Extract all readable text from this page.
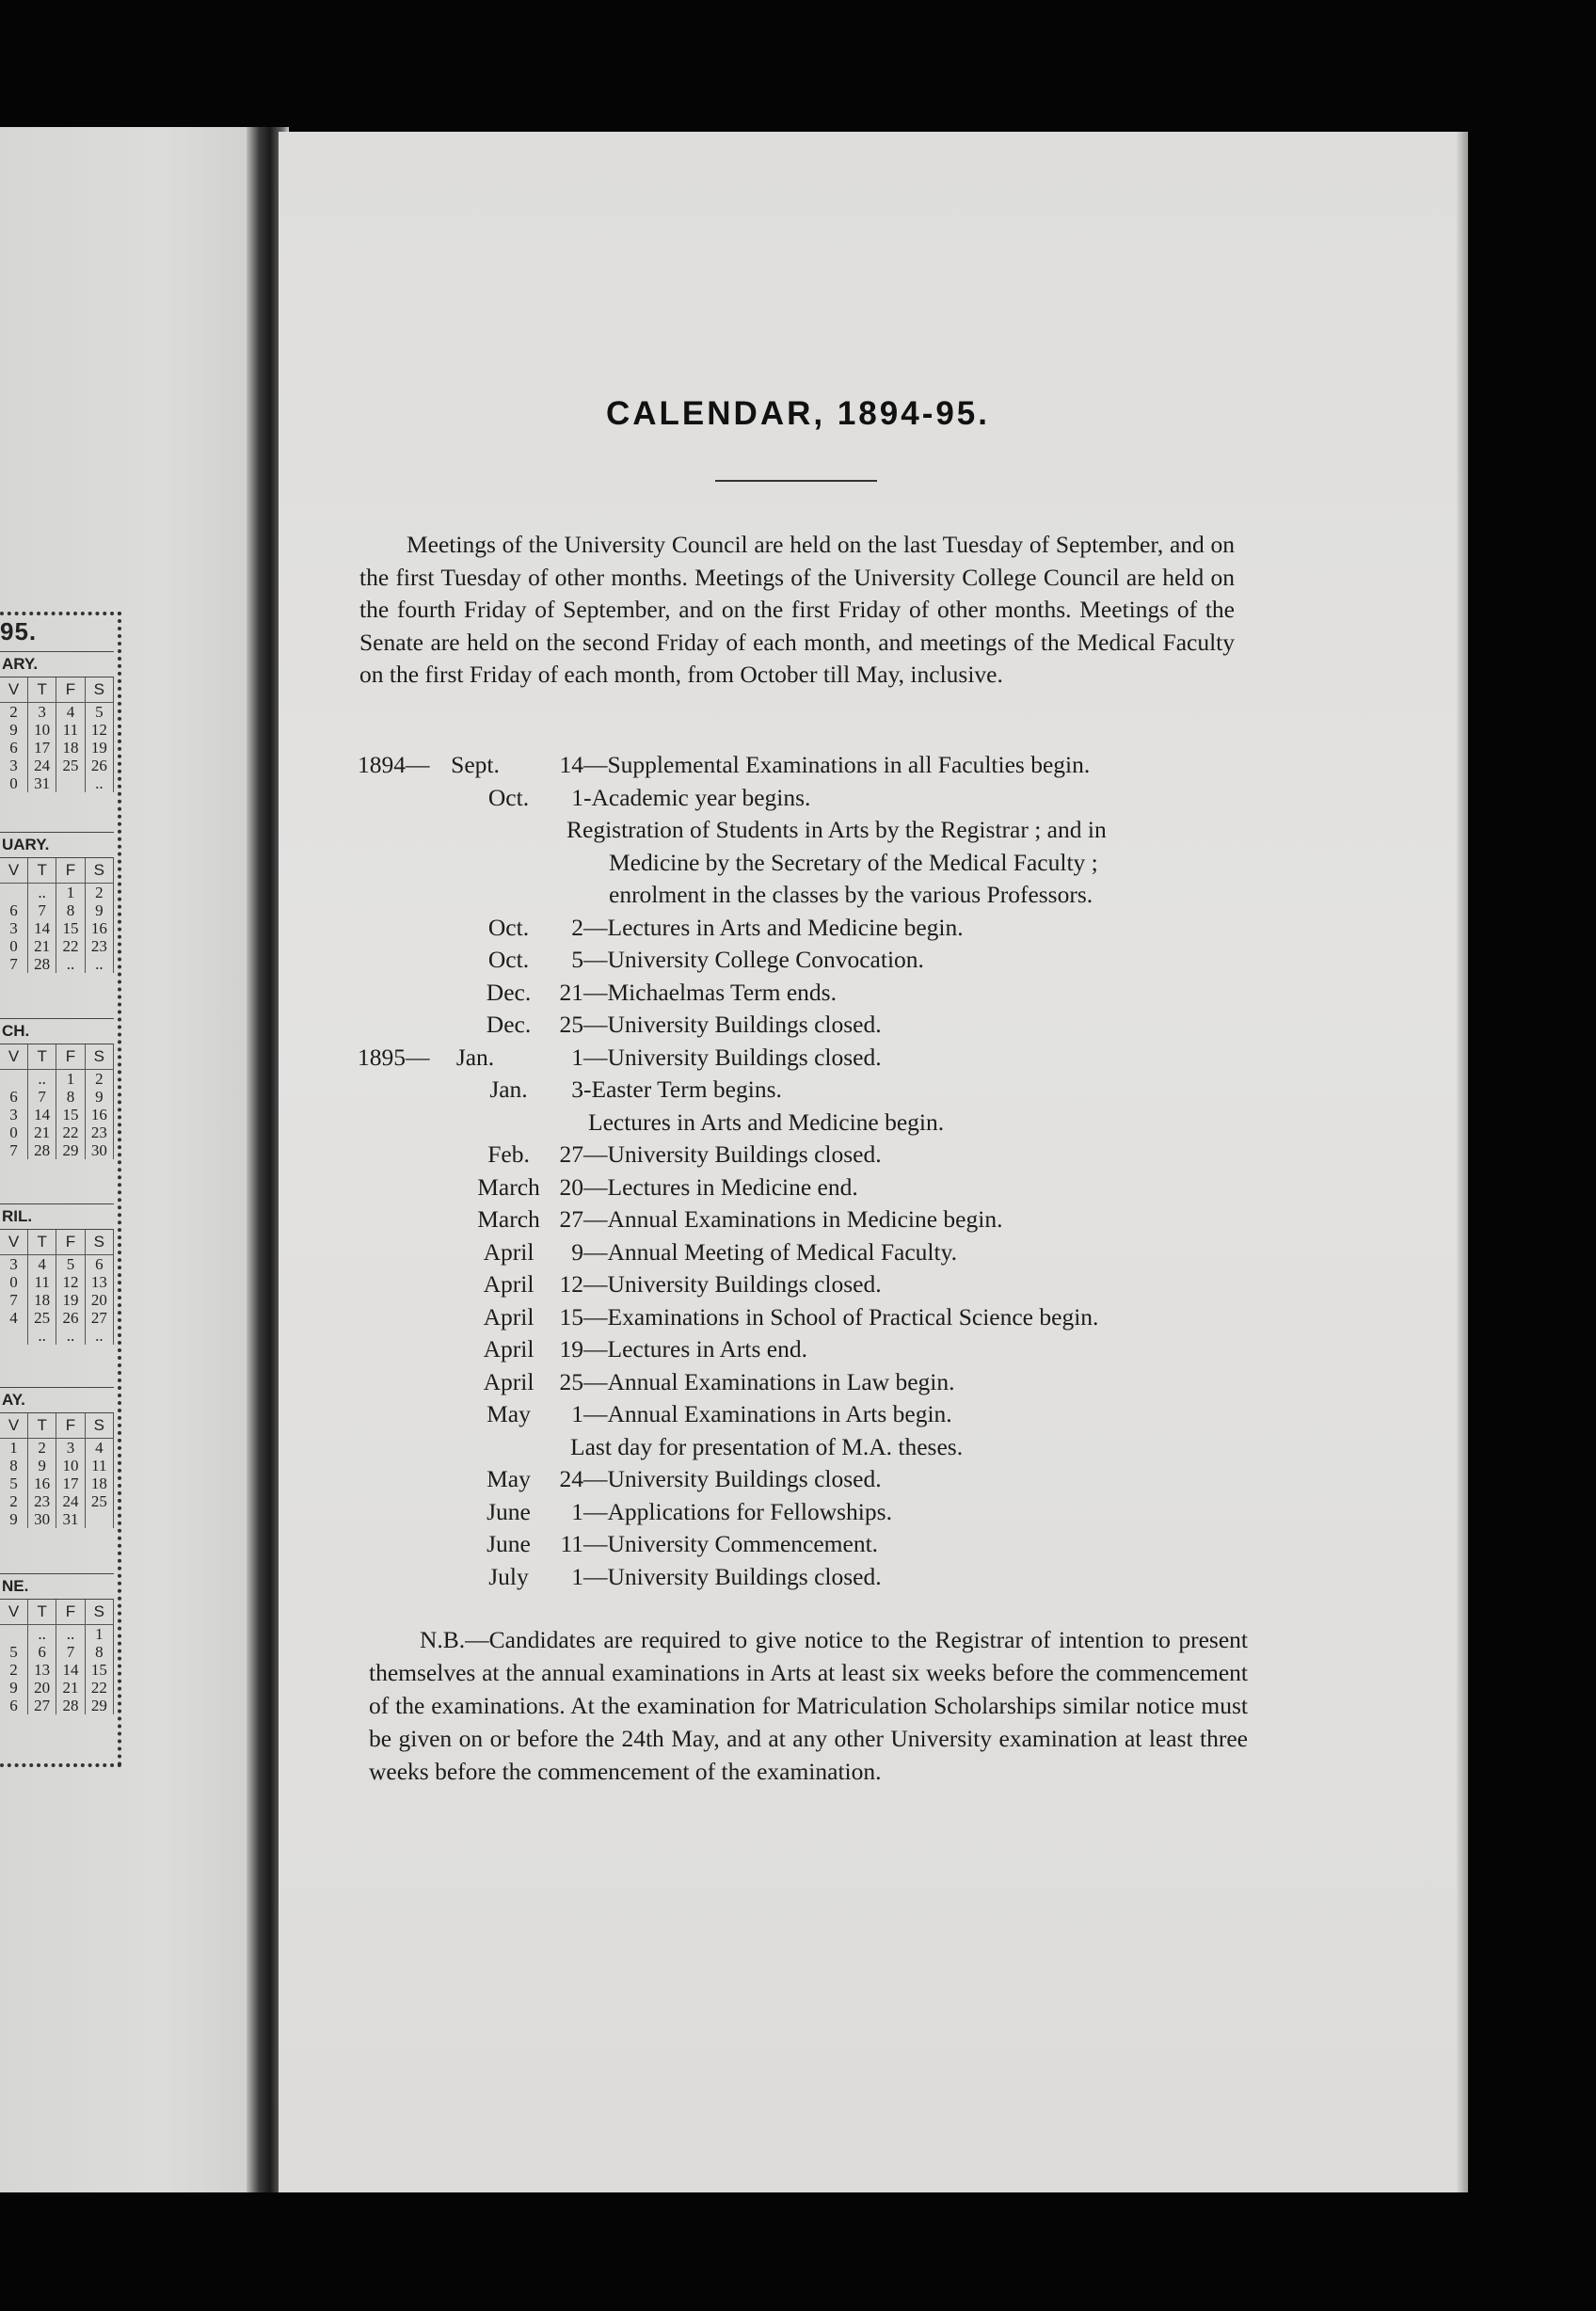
95.
ARY.
V	T	F	S
2	3	4	5
9	10	11	12
6	17	18	19
3	24	25	26
0	31		..
UARY.
V	T	F	S
	..	1	2
6	7	8	9
3	14	15	16
0	21	22	23
7	28	..	..
CH.
V	T	F	S
	..	1	2
6	7	8	9
3	14	15	16
0	21	22	23
7	28	29	30
RIL.
V	T	F	S
3	4	5	6
0	11	12	13
7	18	19	20
4	25	26	27
	..	..	..
AY.
V	T	F	S
1	2	3	4
8	9	10	11
5	16	17	18
2	23	24	25
9	30	31	
NE.
V	T	F	S
	..	..	1
5	6	7	8
2	13	14	15
9	20	21	22
6	27	28	29
CALENDAR, 1894-95.
Meetings of the University Council are held on the last Tuesday of September, and on the first Tuesday of other months. Meetings of the University College Council are held on the fourth Friday of September, and on the first Friday of other months. Meetings of the Senate are held on the second Friday of each month, and meetings of the Medical Faculty on the first Friday of each month, from October till May, inclusive.
1894— Sept.	14 —Supplemental Examinations in all Faculties begin.
Oct.	1 -Academic year begins.
Registration of Students in Arts by the Registrar ; and in
Medicine by the Secretary of the Medical Faculty ;
enrolment in the classes by the various Professors.
Oct.	2 —Lectures in Arts and Medicine begin.
Oct.	5 —University College Convocation.
Dec.	21 —Michaelmas Term ends.
Dec.	25 —University Buildings closed.
1895—	Jan.	1 —University Buildings closed.
Jan.	3 -Easter Term begins.
Lectures in Arts and Medicine begin.
Feb.	27 —University Buildings closed.
March 20 —Lectures in Medicine end.
March 27 —Annual Examinations in Medicine begin.
April	9 —Annual Meeting of Medical Faculty.
April	12 —University Buildings closed.
April	15 —Examinations in School of Practical Science begin.
April	19 —Lectures in Arts end.
April	25 —Annual Examinations in Law begin.
May	1 —Annual Examinations in Arts begin.
Last day for presentation of M.A. theses.
May	24 —University Buildings closed.
June	1 —Applications for Fellowships.
June	11 —University Commencement.
July	1 —University Buildings closed.
N.B.—Candidates are required to give notice to the Registrar of intention to present themselves at the annual examinations in Arts at least six weeks before the commencement of the examinations. At the examination for Matriculation Scholarships similar notice must be given on or before the 24th May, and at any other University examination at least three weeks before the commencement of the examination.
